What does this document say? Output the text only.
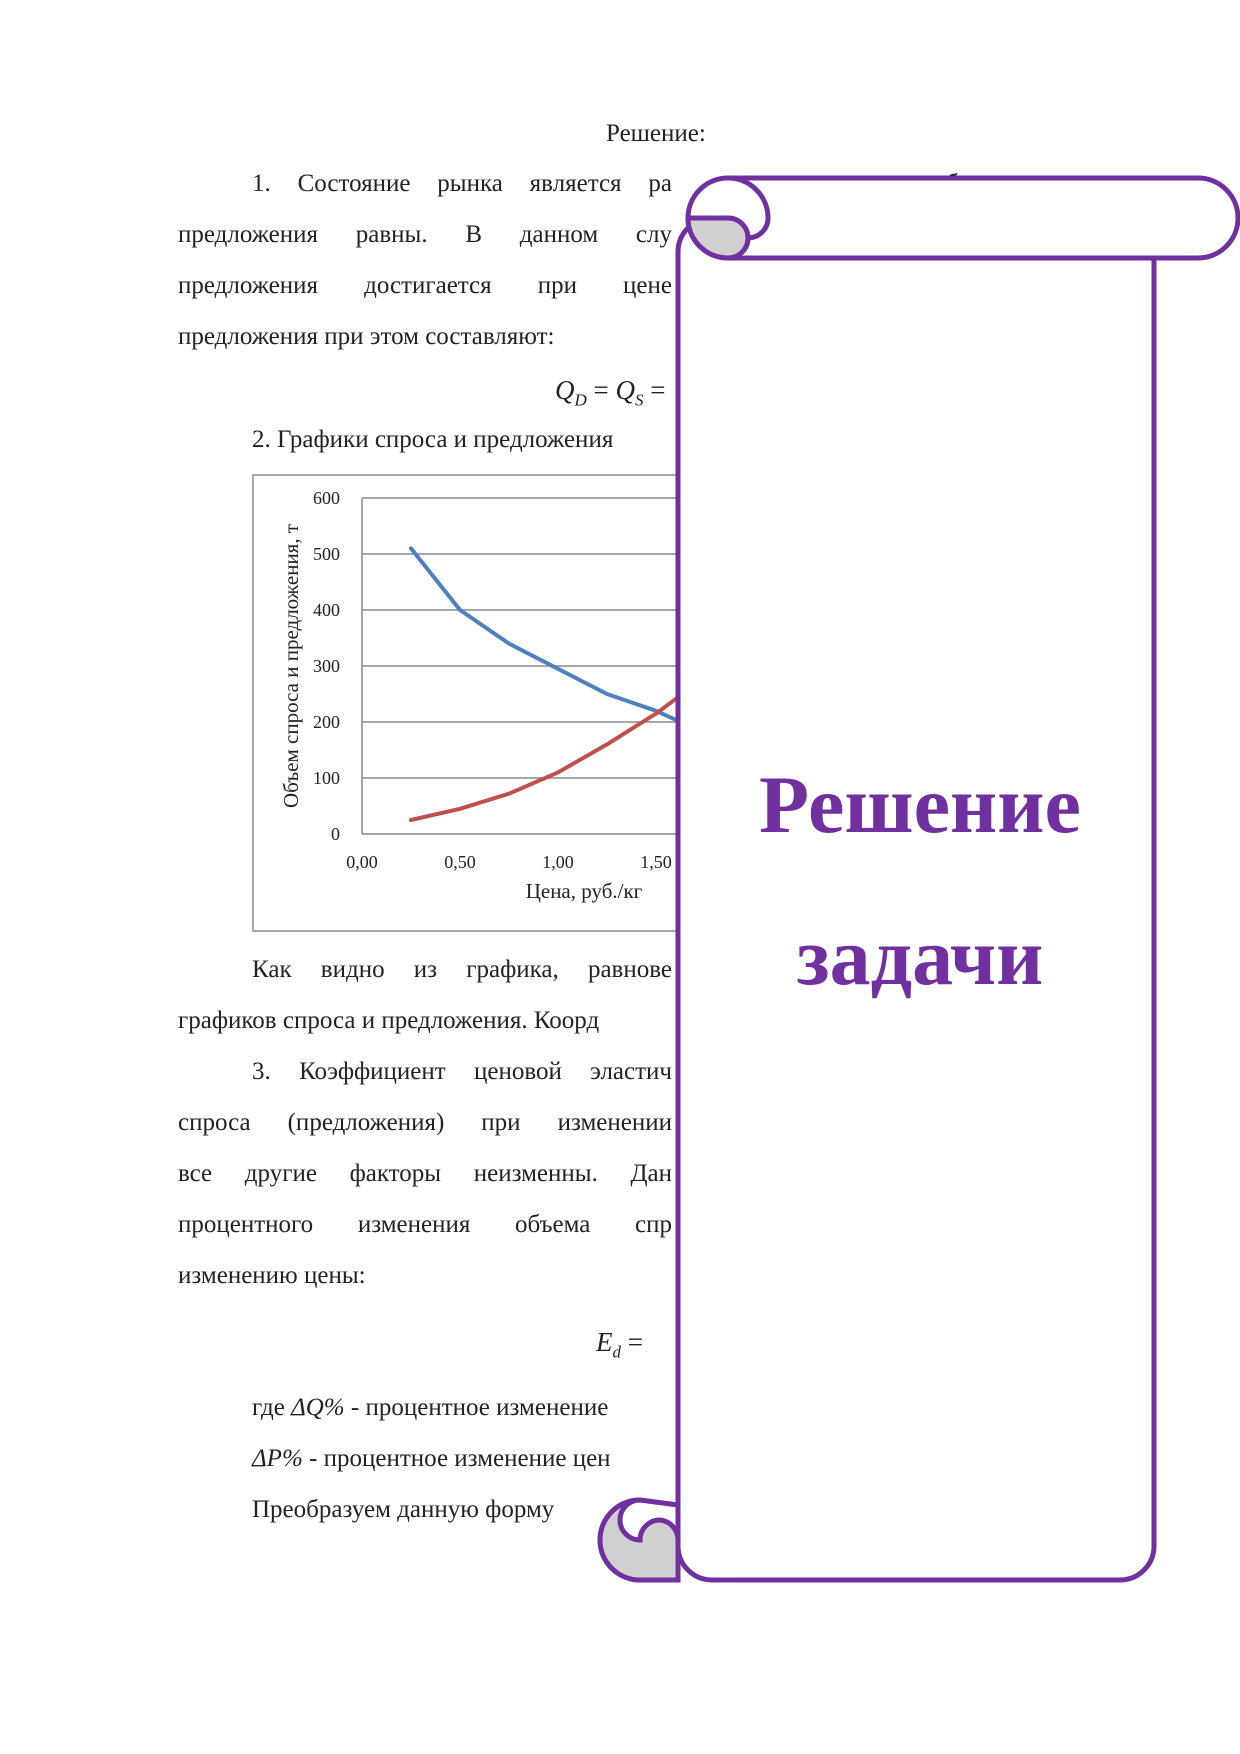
Решение:

1. Состояние рынка является ра

предложения равны. В данном слу

предложения достигается при цене

предложения при этом составляют:

$Q_D = Q_S$ =

2. Графики спроса и предложения

0
100
200
300
400
500
600
0,00	0,50	1,00	1,50
Цена, руб./кг
Объем спроса и предложения, т

Как видно из графика, равнове

графиков спроса и предложения. Коорд

3. Коэффициент ценовой эластич

спроса (предложения) при изменении

все другие факторы неизменны. Дан

процентного изменения объема спр

изменению цены:

$E_d$ =

где ΔQ% - процентное изменение

ΔP% - процентное изменение цен

Преобразуем данную форму

Решение
задачи
